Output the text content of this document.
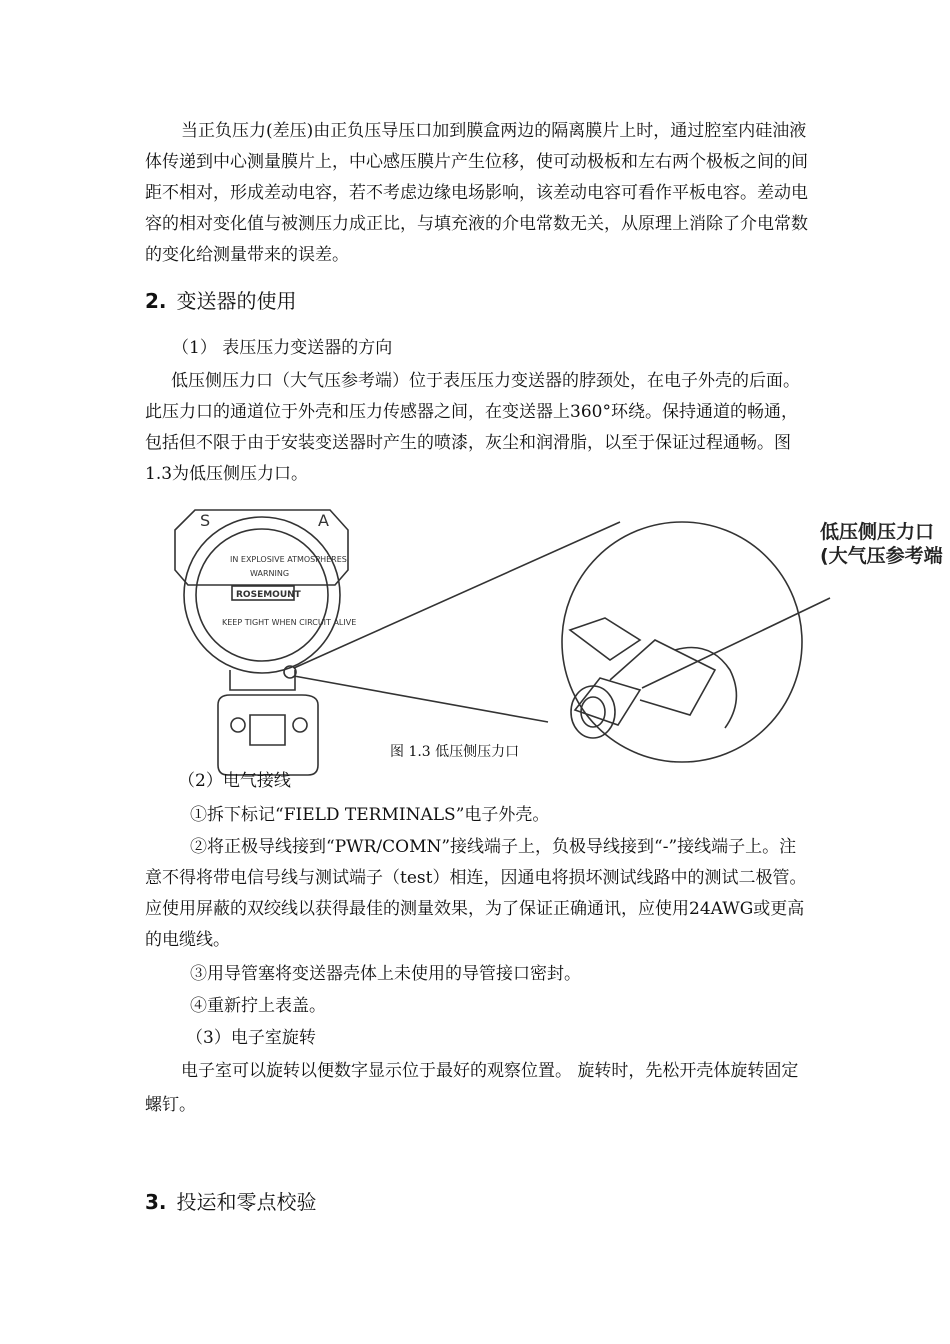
当正负压力(差压)由正负压导压口加到膜盒两边的隔离膜片上时，通过腔室内硅油液体传递到中心测量膜片上，中心感压膜片产生位移，使可动极板和左右两个极板之间的间距不相对，形成差动电容，若不考虑边缘电场影响，该差动电容可看作平板电容。差动电容的相对变化值与被测压力成正比，与填充液的介电常数无关，从原理上消除了介电常数的变化给测量带来的误差。

2. 变送器的使用
（1） 表压压力变送器的方向

低压侧压力口（大气压参考端）位于表压压力变送器的脖颈处，在电子外壳的后面。此压力口的通道位于外壳和压力传感器之间，在变送器上360°环绕。保持通道的畅通，包括但不限于由于安装变送器时产生的喷漆，灰尘和润滑脂，以至于保证过程通畅。图1.3为低压侧压力口。

S	A
IN EXPLOSIVE ATMOSPHERES
WARNING
ROSEMOUNT
KEEP TIGHT WHEN CIRCUIT ALIVE
低压侧压力口
(大气压参考端
图 1.3 低压侧压力口
（2）电气接线
①拆下标记“FIELD TERMINALS”电子外壳。

②将正极导线接到“PWR/COMN”接线端子上，负极导线接到“-”接线端子上。注意不得将带电信号线与测试端子（test）相连，因通电将损坏测试线路中的测试二极管。应使用屏蔽的双绞线以获得最佳的测量效果，为了保证正确通讯，应使用24AWG或更高的电缆线。

③用导管塞将变送器壳体上未使用的导管接口密封。
④重新拧上表盖。
（3）电子室旋转

电子室可以旋转以便数字显示位于最好的观察位置。 旋转时，先松开壳体旋转固定螺钉。

3. 投运和零点校验
